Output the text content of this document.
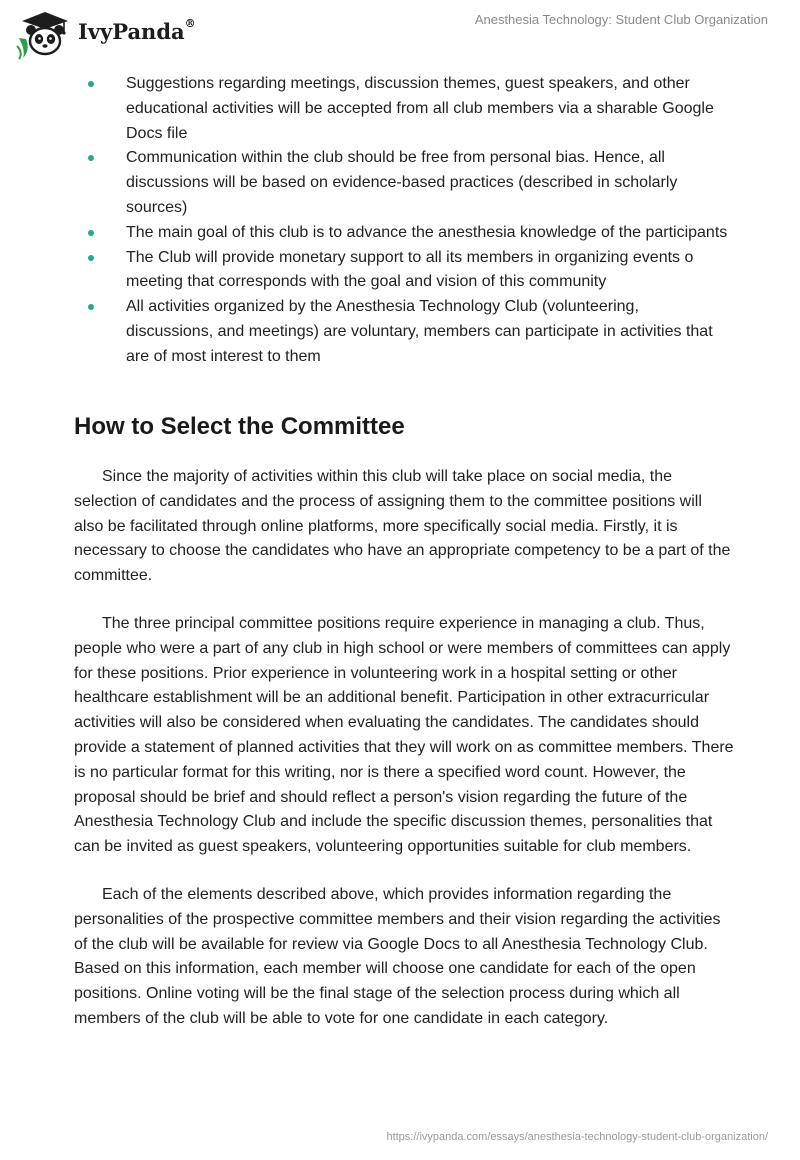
IvyPanda®	Anesthesia Technology: Student Club Organization
Suggestions regarding meetings, discussion themes, guest speakers, and other educational activities will be accepted from all club members via a sharable Google Docs file
Communication within the club should be free from personal bias. Hence, all discussions will be based on evidence-based practices (described in scholarly sources)
The main goal of this club is to advance the anesthesia knowledge of the participants
The Club will provide monetary support to all its members in organizing events o meeting that corresponds with the goal and vision of this community
All activities organized by the Anesthesia Technology Club (volunteering, discussions, and meetings) are voluntary, members can participate in activities that are of most interest to them
How to Select the Committee

Since the majority of activities within this club will take place on social media, the selection of candidates and the process of assigning them to the committee positions will also be facilitated through online platforms, more specifically social media. Firstly, it is necessary to choose the candidates who have an appropriate competency to be a part of the committee.

The three principal committee positions require experience in managing a club. Thus, people who were a part of any club in high school or were members of committees can apply for these positions. Prior experience in volunteering work in a hospital setting or other healthcare establishment will be an additional benefit. Participation in other extracurricular activities will also be considered when evaluating the candidates. The candidates should provide a statement of planned activities that they will work on as committee members. There is no particular format for this writing, nor is there a specified word count. However, the proposal should be brief and should reflect a person's vision regarding the future of the Anesthesia Technology Club and include the specific discussion themes, personalities that can be invited as guest speakers, volunteering opportunities suitable for club members.

Each of the elements described above, which provides information regarding the personalities of the prospective committee members and their vision regarding the activities of the club will be available for review via Google Docs to all Anesthesia Technology Club. Based on this information, each member will choose one candidate for each of the open positions. Online voting will be the final stage of the selection process during which all members of the club will be able to vote for one candidate in each category.

https://ivypanda.com/essays/anesthesia-technology-student-club-organization/
